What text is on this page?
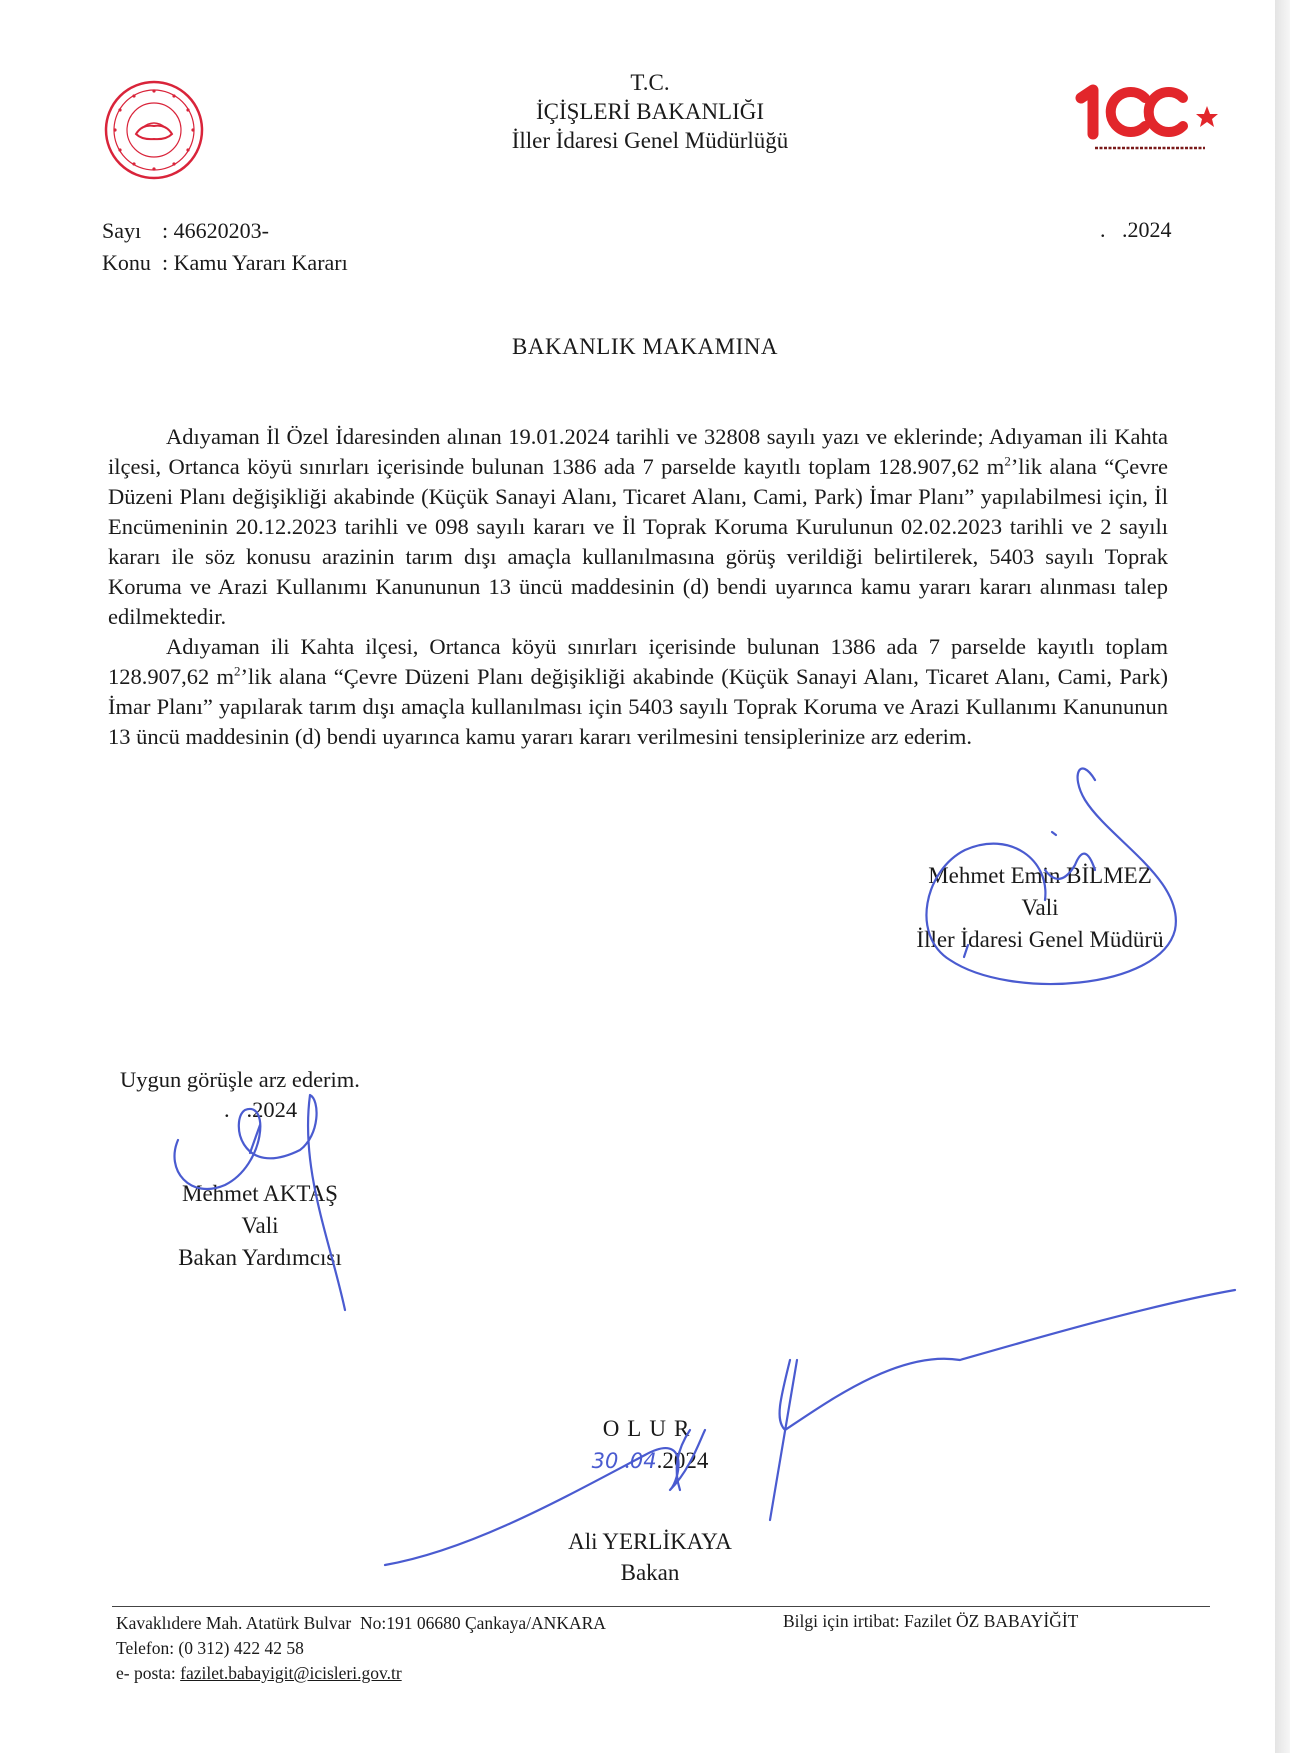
T.C.
İÇİŞLERİ BAKANLIĞI
İller İdaresi Genel Müdürlüğü
Sayı : 46620203-
Konu : Kamu Yararı Kararı
.   .2024
BAKANLIK MAKAMINA

Adıyaman İl Özel İdaresinden alınan 19.01.2024 tarihli ve 32808 sayılı yazı ve eklerinde; Adıyaman ili Kahta ilçesi, Ortanca köyü sınırları içerisinde bulunan 1386 ada 7 parselde kayıtlı toplam 128.907,62 $m^2’lik$ alana “Çevre Düzeni Planı değişikliği akabinde (Küçük Sanayi Alanı, Ticaret Alanı, Cami, Park) İmar Planı” yapılabilmesi için, İl Encümeninin 20.12.2023 tarihli ve 098 sayılı kararı ve İl Toprak Koruma Kurulunun 02.02.2023 tarihli ve 2 sayılı kararı ile söz konusu arazinin tarım dışı amaçla kullanılmasına görüş verildiği belirtilerek, 5403 sayılı Toprak Koruma ve Arazi Kullanımı Kanununun 13 üncü maddesinin (d) bendi uyarınca kamu yararı kararı alınması talep edilmektedir.

Adıyaman ili Kahta ilçesi, Ortanca köyü sınırları içerisinde bulunan 1386 ada 7 parselde kayıtlı toplam 128.907,62 $m^2’lik$ alana “Çevre Düzeni Planı değişikliği akabinde (Küçük Sanayi Alanı, Ticaret Alanı, Cami, Park) İmar Planı” yapılarak tarım dışı amaçla kullanılması için 5403 sayılı Toprak Koruma ve Arazi Kullanımı Kanununun 13 üncü maddesinin (d) bendi uyarınca kamu yararı kararı verilmesini tensiplerinize arz ederim.

Mehmet Emin BİLMEZ
Vali
İller İdaresi Genel Müdürü
Uygun görüşle arz ederim.
.   .2024
Mehmet AKTAŞ
Vali
Bakan Yardımcısı
OLUR
30 .04.2024
Ali YERLİKAYA
Bakan
Kavaklıdere Mah. Atatürk Bulvar  No:191 06680 Çankaya/ANKARA
Telefon: (0 312) 422 42 58
e- posta: fazilet.babayigit@icisleri.gov.tr
Bilgi için irtibat: Fazilet ÖZ BABAYİĞİT
